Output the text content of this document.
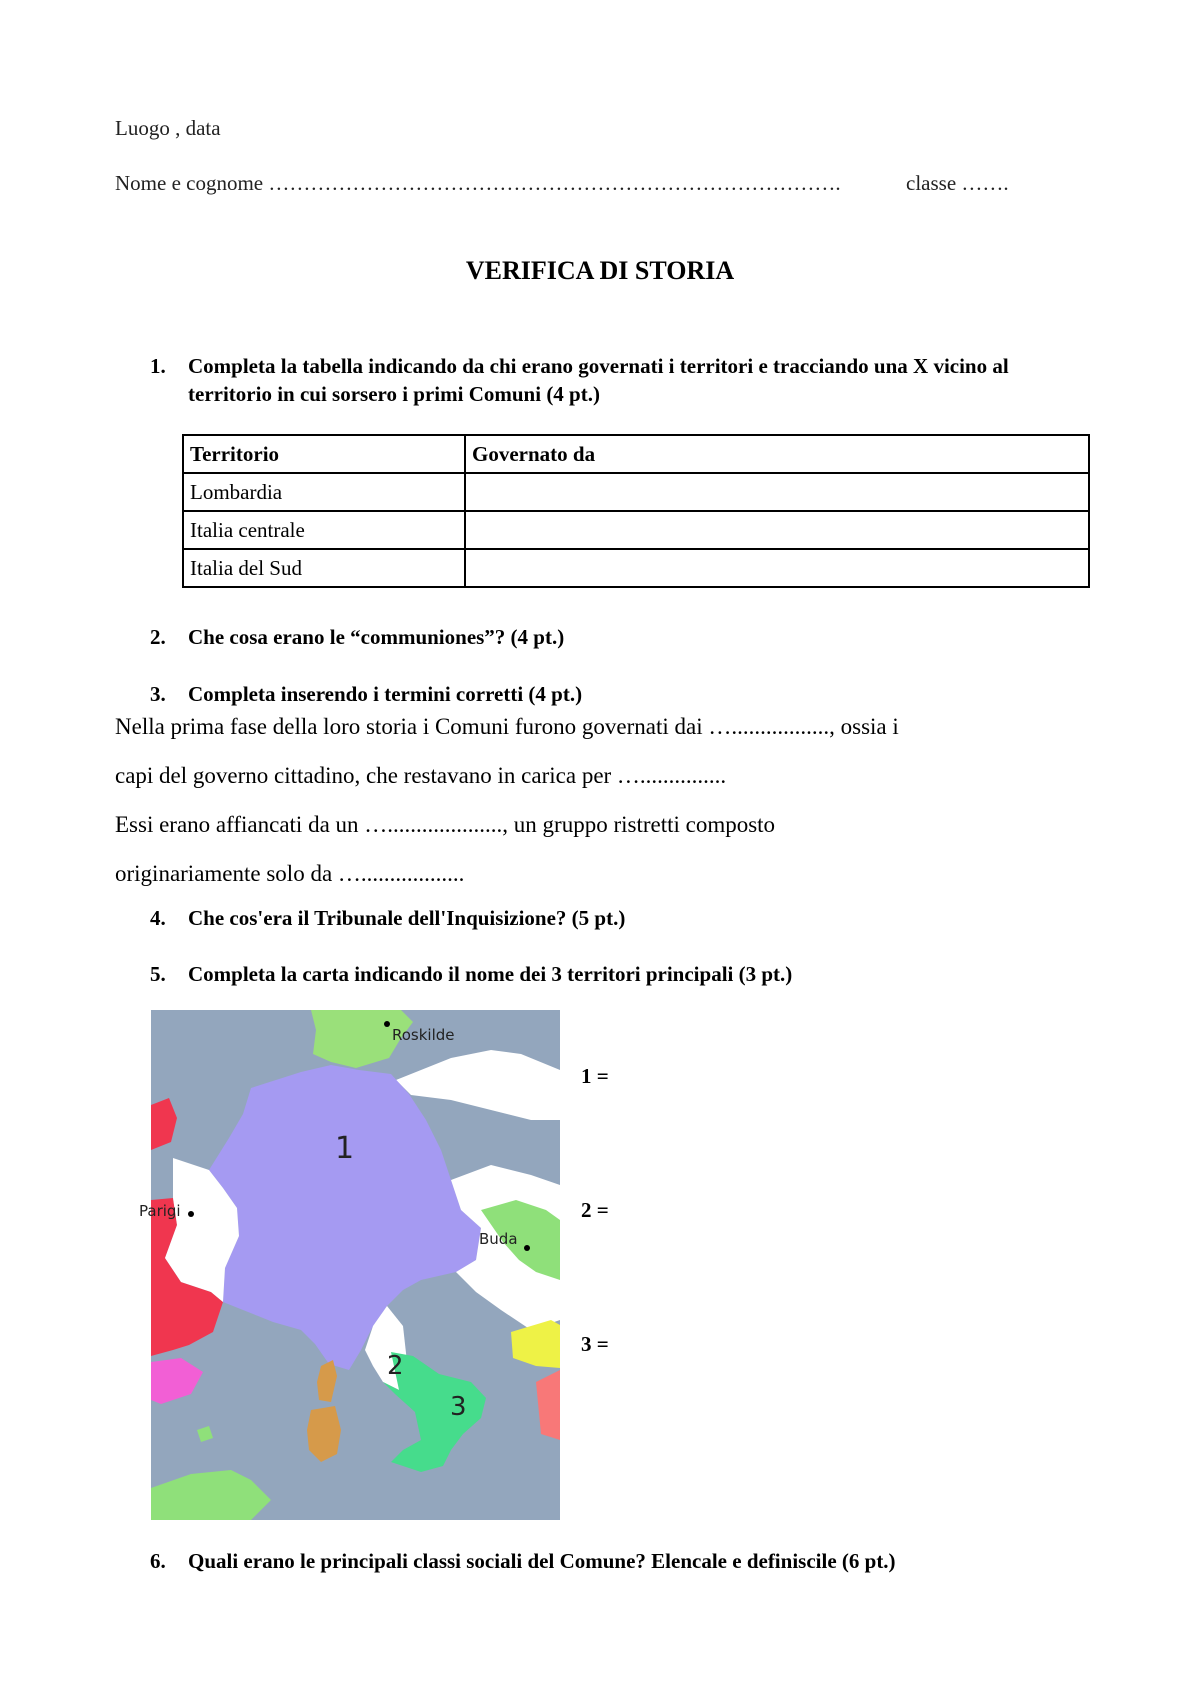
Luogo , data
Nome e cognome ……………………………………………………………………….	classe …….
VERIFICA DI STORIA
1.	Completa la tabella indicando da chi erano governati i territori e tracciando una X vicino al territorio in cui sorsero i primi Comuni (4 pt.)
Territorio	Governato da
Lombardia	
Italia centrale	
Italia del Sud	
2.	Che cosa erano le “communiones”? (4 pt.)
3.	Completa inserendo i termini corretti (4 pt.)
Nella prima fase della loro storia i Comuni furono governati dai …................., ossia i
capi del governo cittadino, che restavano in carica per …...............
Essi erano affiancati da un …...................., un gruppo ristretti composto
originariamente solo da …..................
4.	Che cos'era il Tribunale dell'Inquisizione? (5 pt.)
5.	Completa la carta indicando il nome dei 3 territori principali (3 pt.)
Roskilde
Parigi
Buda
1
2
3
1 =
2 =
3 =
6.	Quali erano le principali classi sociali del Comune? Elencale e definiscile (6 pt.)
